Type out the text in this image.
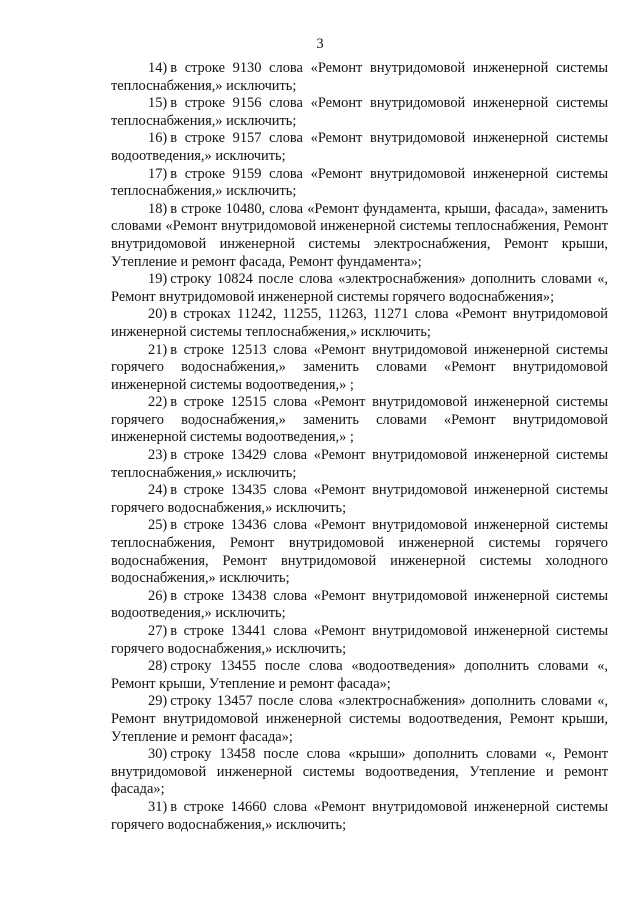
3

14) в строке 9130 слова «Ремонт внутридомовой инженерной системы теплоснабжения,» исключить;

15) в строке 9156 слова «Ремонт внутридомовой инженерной системы теплоснабжения,» исключить;

16) в строке 9157 слова «Ремонт внутридомовой инженерной системы водоотведения,» исключить;

17) в строке 9159 слова «Ремонт внутридомовой инженерной системы теплоснабжения,» исключить;

18) в строке 10480, слова «Ремонт фундамента, крыши, фасада», заменить словами «Ремонт внутридомовой инженерной системы теплоснабжения, Ремонт внутридомовой инженерной системы электроснабжения, Ремонт крыши, Утепление и ремонт фасада, Ремонт фундамента»;

19) строку 10824 после слова «электроснабжения» дополнить словами «, Ремонт внутридомовой инженерной системы горячего водоснабжения»;

20) в строках 11242, 11255, 11263, 11271 слова «Ремонт внутридомовой инженерной системы теплоснабжения,» исключить;

21) в строке 12513 слова «Ремонт внутридомовой инженерной системы горячего водоснабжения,» заменить словами «Ремонт внутридомовой инженерной системы водоотведения,» ;

22) в строке 12515 слова «Ремонт внутридомовой инженерной системы горячего водоснабжения,» заменить словами «Ремонт внутридомовой инженерной системы водоотведения,» ;

23) в строке 13429 слова «Ремонт внутридомовой инженерной системы теплоснабжения,» исключить;

24) в строке 13435 слова «Ремонт внутридомовой инженерной системы горячего водоснабжения,» исключить;

25) в строке 13436 слова «Ремонт внутридомовой инженерной системы теплоснабжения, Ремонт внутридомовой инженерной системы горячего водоснабжения, Ремонт внутридомовой инженерной системы холодного водоснабжения,» исключить;

26) в строке 13438 слова «Ремонт внутридомовой инженерной системы водоотведения,» исключить;

27) в строке 13441 слова «Ремонт внутридомовой инженерной системы горячего водоснабжения,» исключить;

28) строку 13455 после слова «водоотведения» дополнить словами «, Ремонт крыши, Утепление и ремонт фасада»;

29) строку 13457 после слова «электроснабжения» дополнить словами «, Ремонт внутридомовой инженерной системы водоотведения, Ремонт крыши, Утепление и ремонт фасада»;

30) строку 13458 после слова «крыши» дополнить словами «, Ремонт внутридомовой инженерной системы водоотведения, Утепление и ремонт фасада»;

31) в строке 14660 слова «Ремонт внутридомовой инженерной системы горячего водоснабжения,» исключить;
